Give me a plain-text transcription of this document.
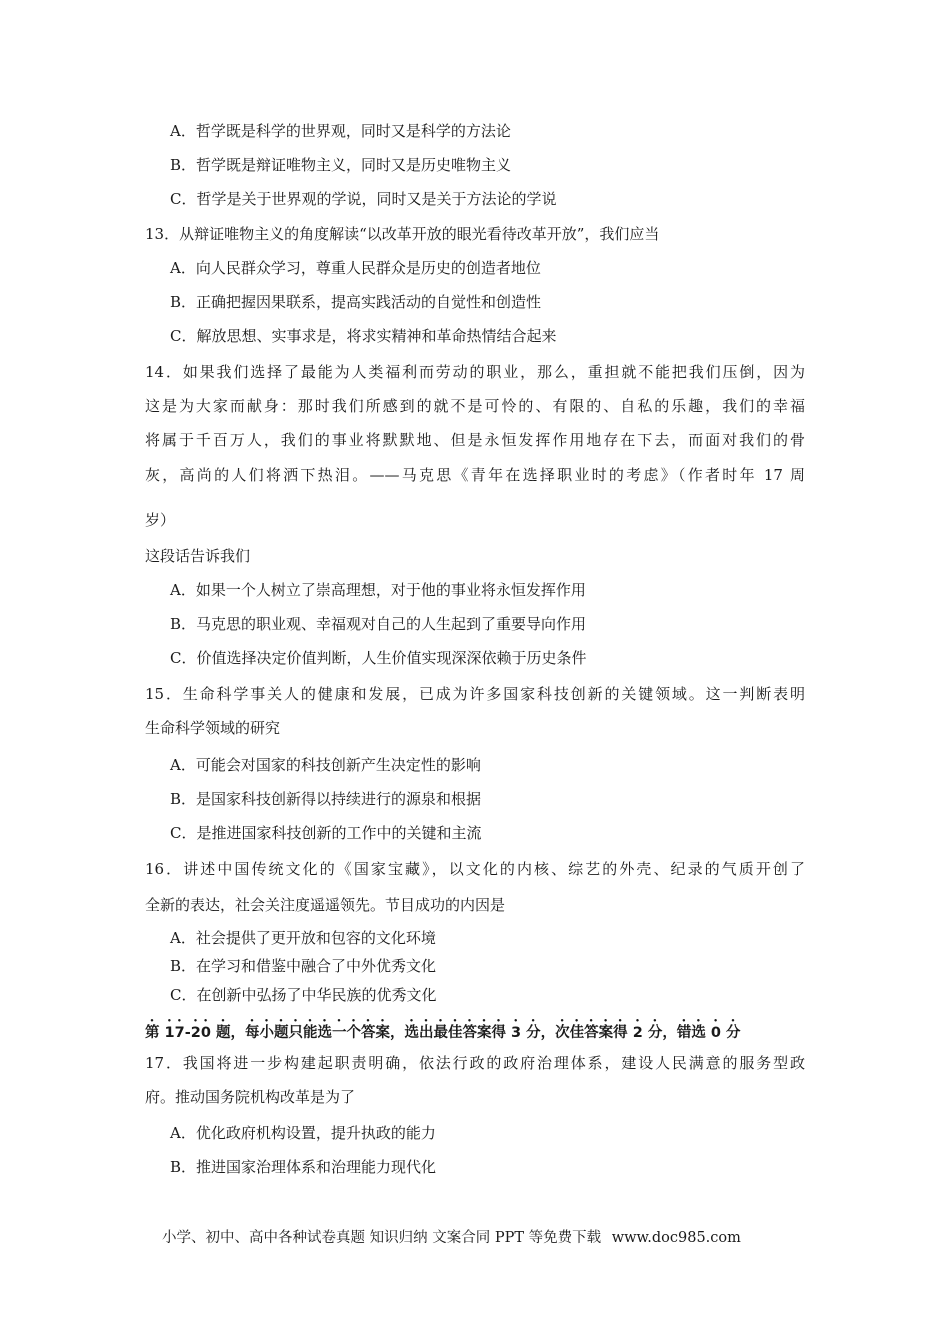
A．哲学既是科学的世界观，同时又是科学的方法论
B．哲学既是辩证唯物主义，同时又是历史唯物主义
C．哲学是关于世界观的学说，同时又是关于方法论的学说
13．从辩证唯物主义的角度解读“以改革开放的眼光看待改革开放”，我们应当
A．向人民群众学习，尊重人民群众是历史的创造者地位
B．正确把握因果联系，提高实践活动的自觉性和创造性
C．解放思想、实事求是，将求实精神和革命热情结合起来
14．如果我们选择了最能为人类福利而劳动的职业，那么，重担就不能把我们压倒，因为
这是为大家而献身：那时我们所感到的就不是可怜的、有限的、自私的乐趣，我们的幸福
将属于千百万人，我们的事业将默默地、但是永恒发挥作用地存在下去，而面对我们的骨
灰，高尚的人们将洒下热泪。——马克思《青年在选择职业时的考虑》（作者时年 17 周
岁）
这段话告诉我们
A．如果一个人树立了崇高理想，对于他的事业将永恒发挥作用
B．马克思的职业观、幸福观对自己的人生起到了重要导向作用
C．价值选择决定价值判断，人生价值实现深深依赖于历史条件
15．生命科学事关人的健康和发展，已成为许多国家科技创新的关键领域。这一判断表明
生命科学领域的研究
A．可能会对国家的科技创新产生决定性的影响
B．是国家科技创新得以持续进行的源泉和根据
C．是推进国家科技创新的工作中的关键和主流
16．讲述中国传统文化的《国家宝藏》，以文化的内核、综艺的外壳、纪录的气质开创了
全新的表达，社会关注度遥遥领先。节目成功的内因是
A．社会提供了更开放和包容的文化环境
B．在学习和借鉴中融合了中外优秀文化
C．在创新中弘扬了中华民族的优秀文化
第 17-20 题，每小题只能选一个答案，选出最佳答案得 3 分，次佳答案得 2 分，错选 0 分
17．我国将进一步构建起职责明确，依法行政的政府治理体系，建设人民满意的服务型政
府。推动国务院机构改革是为了
A．优化政府机构设置，提升执政的能力
B．推进国家治理体系和治理能力现代化
小学、初中、高中各种试卷真题 知识归纳 文案合同 PPT 等免费下载 www.doc985.com
